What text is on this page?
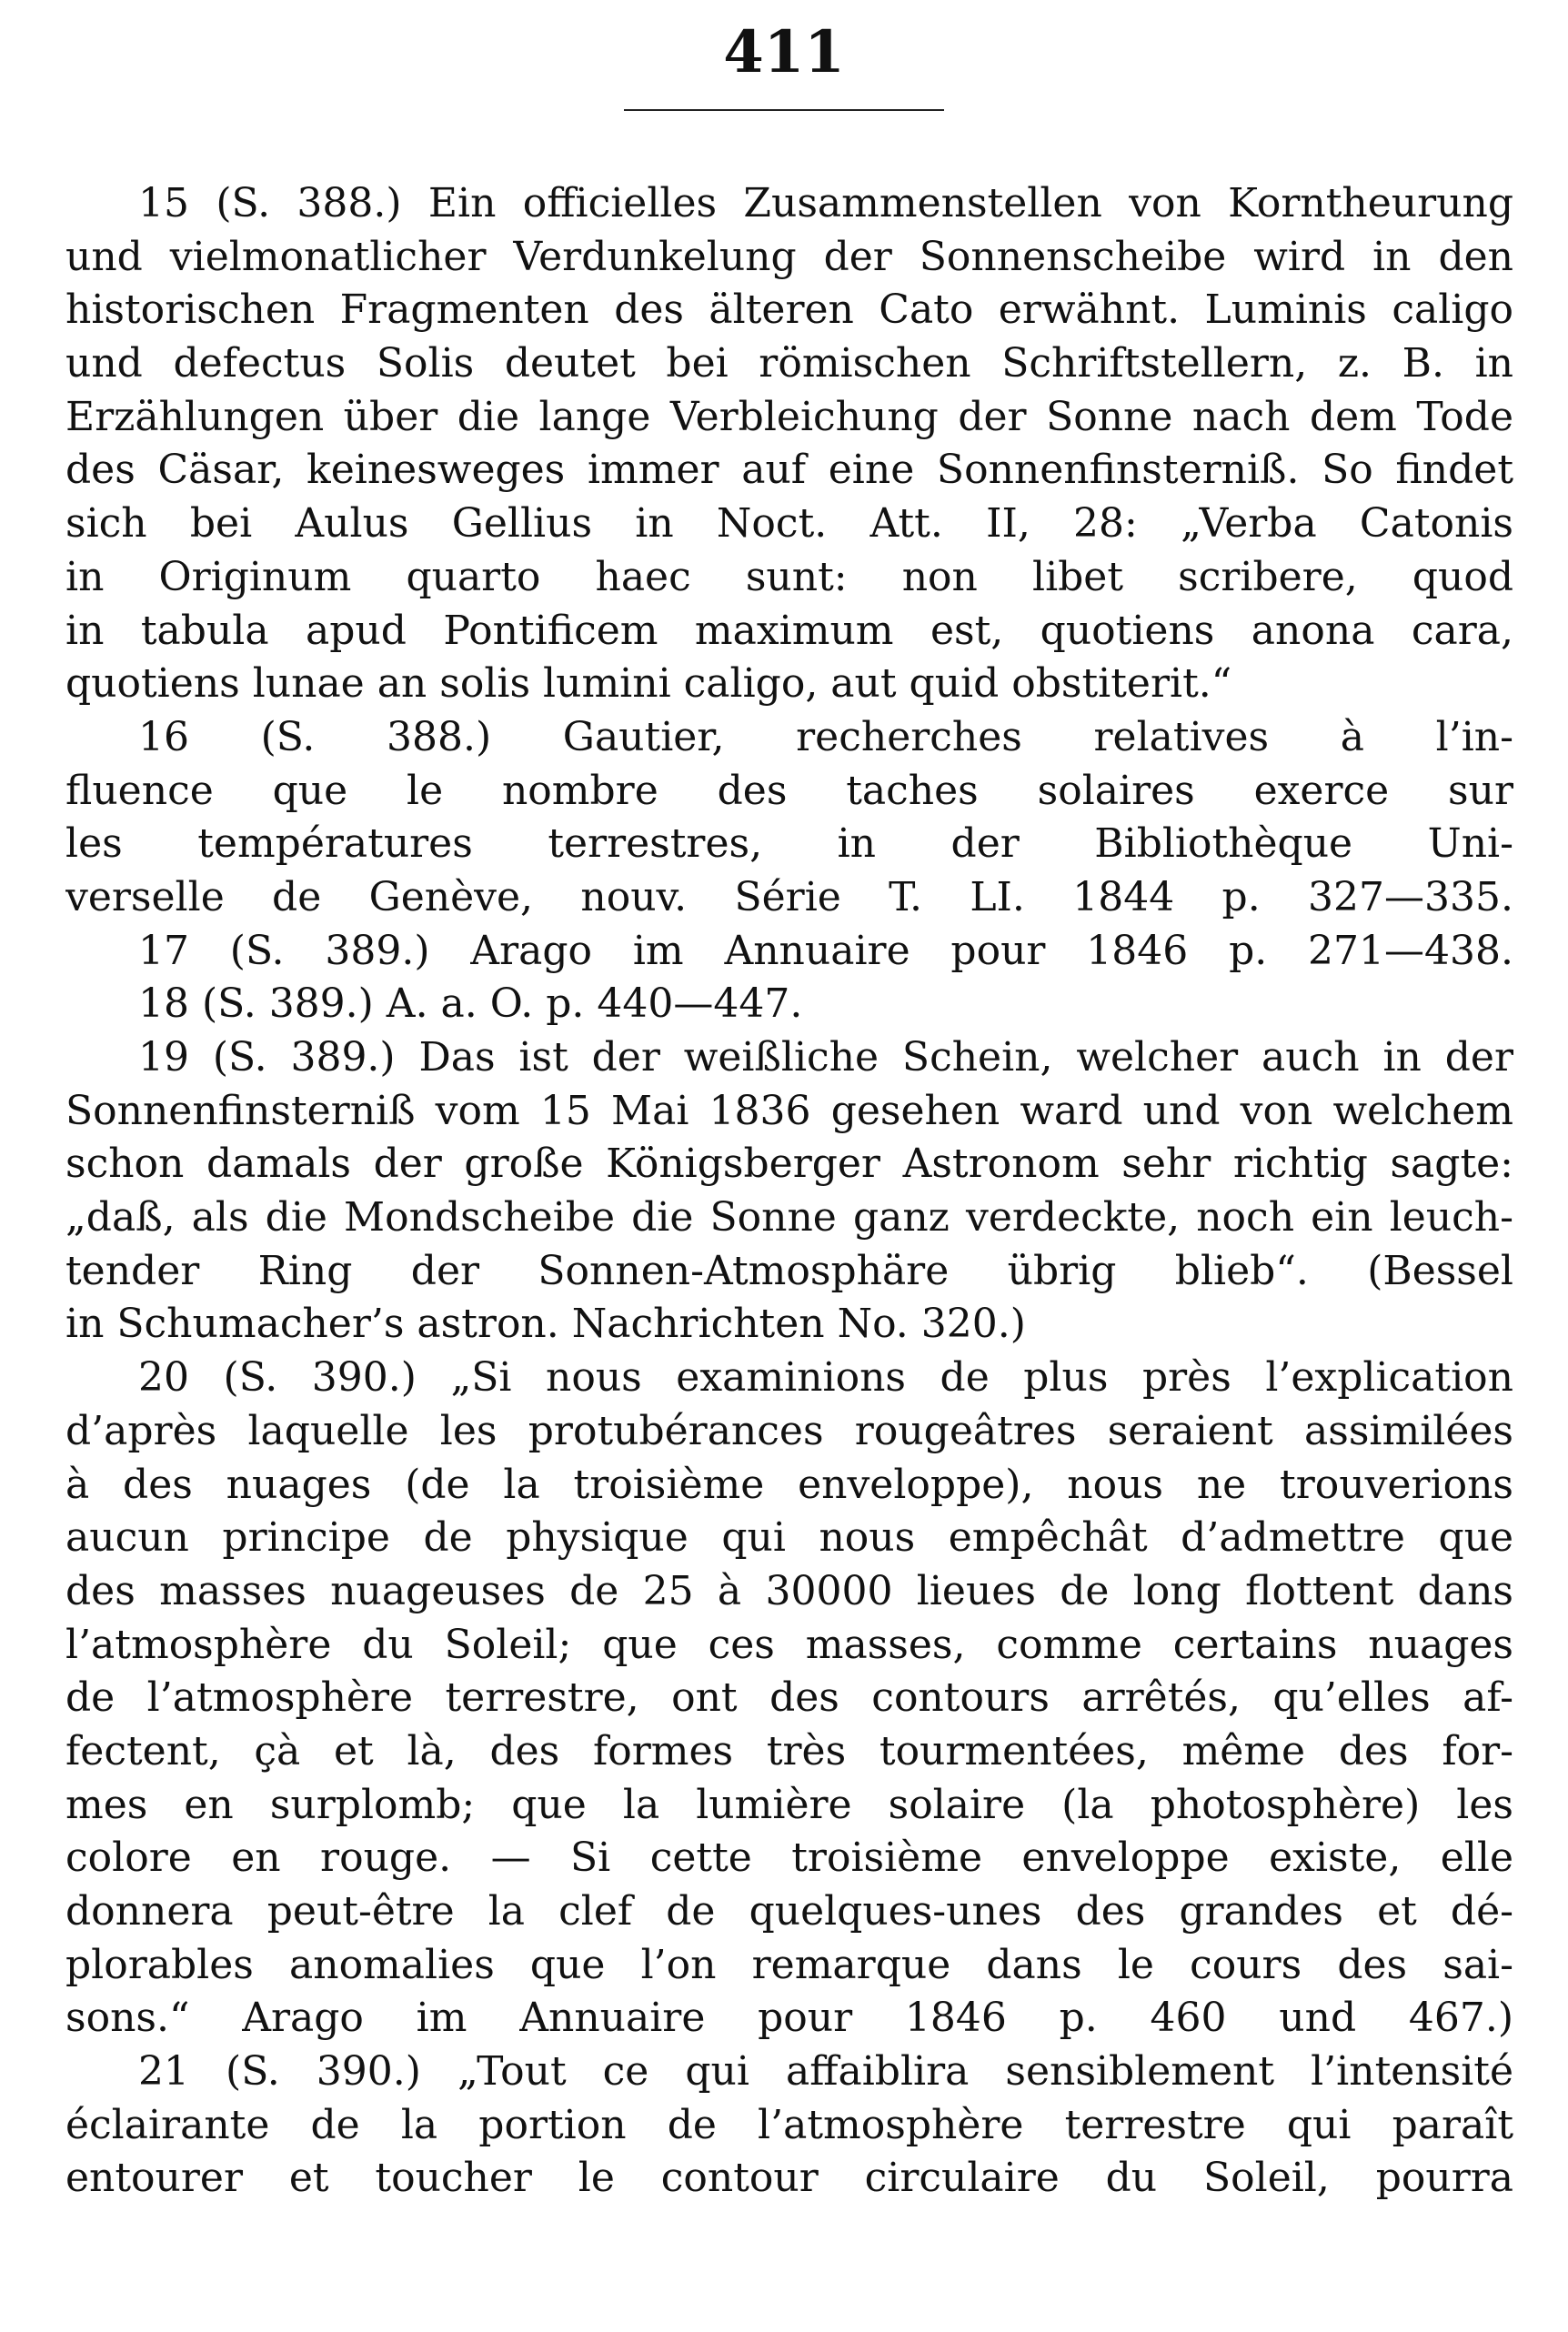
411
15 (S. 388.) Ein officielles Zusammenstellen von Korntheurung
und vielmonatlicher Verdunkelung der Sonnenscheibe wird in den
historischen Fragmenten des älteren Cato erwähnt. Luminis caligo
und defectus Solis deutet bei römischen Schriftstellern, z. B. in
Erzählungen über die lange Verbleichung der Sonne nach dem Tode
des Cäsar, keinesweges immer auf eine Sonnenfinsterniß. So findet
sich bei Aulus Gellius in Noct. Att. II, 28: „Verba Catonis
in Originum quarto haec sunt: non libet scribere, quod
in tabula apud Pontificem maximum est, quotiens anona cara,
quotiens lunae an solis lumini caligo, aut quid obstiterit.“
16 (S. 388.) Gautier, recherches relatives à l’in-
fluence que le nombre des taches solaires exerce sur
les températures terrestres, in der Bibliothèque Uni-
verselle de Genève, nouv. Série T. LI. 1844 p. 327—335.
17 (S. 389.) Arago im Annuaire pour 1846 p. 271—438.
18 (S. 389.) A. a. O. p. 440—447.
19 (S. 389.) Das ist der weißliche Schein, welcher auch in der
Sonnenfinsterniß vom 15 Mai 1836 gesehen ward und von welchem
schon damals der große Königsberger Astronom sehr richtig sagte:
„daß, als die Mondscheibe die Sonne ganz verdeckte, noch ein leuch-
tender Ring der Sonnen-Atmosphäre übrig blieb“. (Bessel
in Schumacher’s astron. Nachrichten No. 320.)
20 (S. 390.) „Si nous examinions de plus près l’explication
d’après laquelle les protubérances rougeâtres seraient assimilées
à des nuages (de la troisième enveloppe), nous ne trouverions
aucun principe de physique qui nous empêchât d’admettre que
des masses nuageuses de 25 à 30000 lieues de long flottent dans
l’atmosphère du Soleil; que ces masses, comme certains nuages
de l’atmosphère terrestre, ont des contours arrêtés, qu’elles af-
fectent, çà et là, des formes très tourmentées, même des for-
mes en surplomb; que la lumière solaire (la photosphère) les
colore en rouge. — Si cette troisième enveloppe existe, elle
donnera peut-être la clef de quelques-unes des grandes et dé-
plorables anomalies que l’on remarque dans le cours des sai-
sons.“ Arago im Annuaire pour 1846 p. 460 und 467.)
21 (S. 390.) „Tout ce qui affaiblira sensiblement l’intensité
éclairante de la portion de l’atmosphère terrestre qui paraît
entourer et toucher le contour circulaire du Soleil, pourra
